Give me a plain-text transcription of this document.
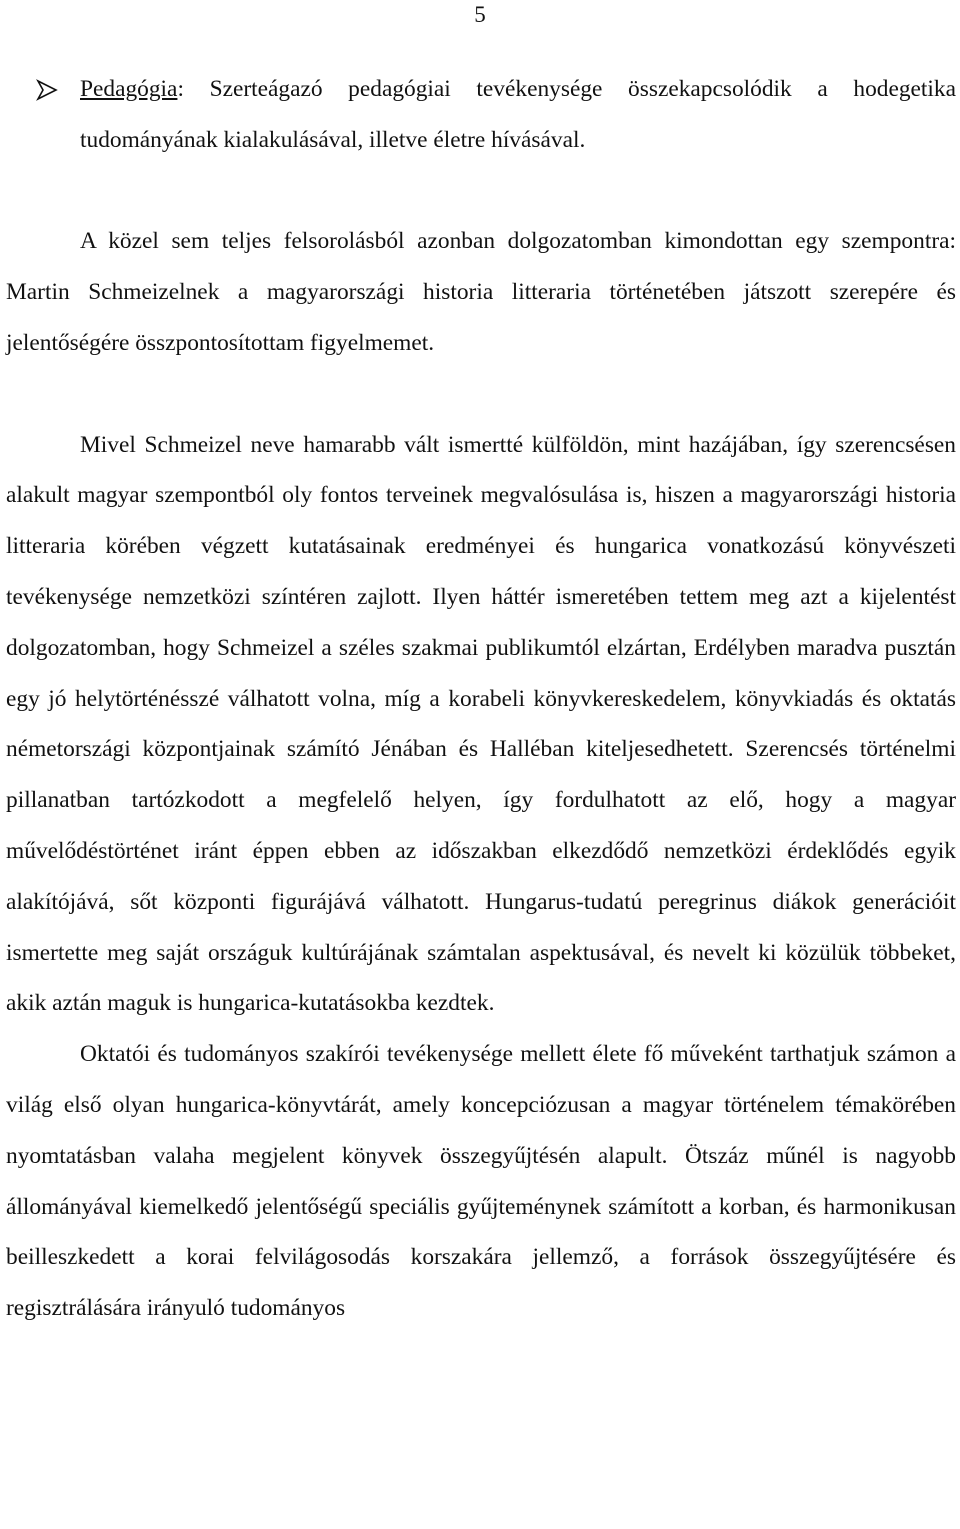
5

Pedagógia: Szerteágazó pedagógiai tevékenysége összekapcsolódik a hodegetika tudományának kialakulásával, illetve életre hívásával.

A közel sem teljes felsorolásból azonban dolgozatomban kimondottan egy szempontra: Martin Schmeizelnek a magyarországi historia litteraria történetében játszott szerepére és jelentőségére összpontosítottam figyelmemet.

Mivel Schmeizel neve hamarabb vált ismertté külföldön, mint hazájában, így szerencsésen alakult magyar szempontból oly fontos terveinek megvalósulása is, hiszen a magyarországi historia litteraria körében végzett kutatásainak eredményei és hungarica vonatkozású könyvészeti tevékenysége nemzetközi színtéren zajlott. Ilyen háttér ismeretében tettem meg azt a kijelentést dolgozatomban, hogy Schmeizel a széles szakmai publikumtól elzártan, Erdélyben maradva pusztán egy jó helytörténésszé válhatott volna, míg a korabeli könyvkereskedelem, könyvkiadás és oktatás németországi központjainak számító Jénában és Halléban kiteljesedhetett. Szerencsés történelmi pillanatban tartózkodott a megfelelő helyen, így fordulhatott az elő, hogy a magyar művelődéstörténet iránt éppen ebben az időszakban elkezdődő nemzetközi érdeklődés egyik alakítójává, sőt központi figurájává válhatott. Hungarus-tudatú peregrinus diákok generációit ismertette meg saját országuk kultúrájának számtalan aspektusával, és nevelt ki közülük többeket, akik aztán maguk is hungarica-kutatásokba kezdtek.

Oktatói és tudományos szakírói tevékenysége mellett élete fő műveként tarthatjuk számon a világ első olyan hungarica-könyvtárát, amely koncepciózusan a magyar történelem témakörében nyomtatásban valaha megjelent könyvek összegyűjtésén alapult. Ötszáz műnél is nagyobb állományával kiemelkedő jelentőségű speciális gyűjteménynek számított a korban, és harmonikusan beilleszkedett a korai felvilágosodás korszakára jellemző, a források összegyűjtésére és regisztrálására irányuló tudományos
